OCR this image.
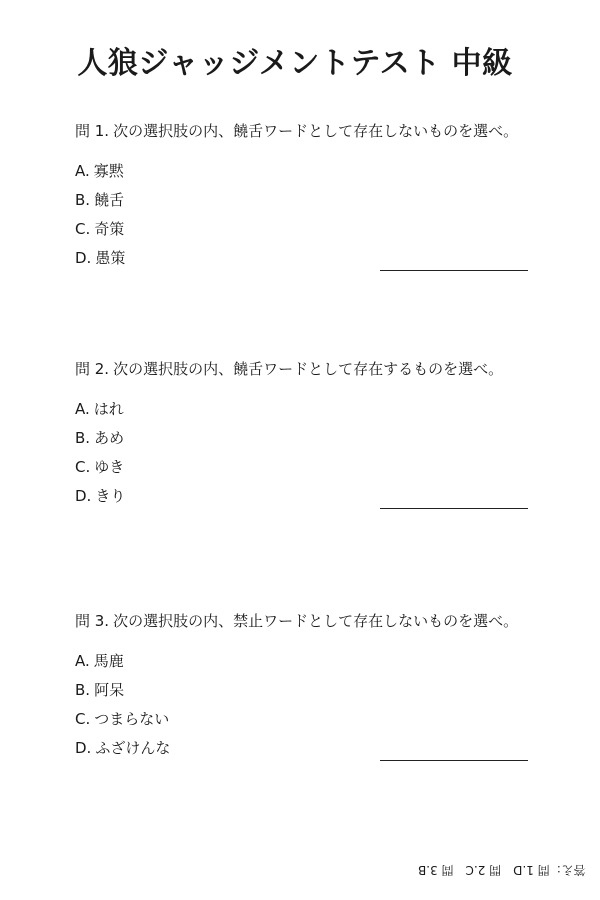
人狼ジャッジメントテスト 中級

問 1. 次の選択肢の内、饒舌ワードとして存在しないものを選べ。

A. 寡黙
B. 饒舌
C. 奇策
D. 愚策

問 2. 次の選択肢の内、饒舌ワードとして存在するものを選べ。

A. はれ
B. あめ
C. ゆき
D. きり

問 3. 次の選択肢の内、禁止ワードとして存在しないものを選べ。

A. 馬鹿
B. 阿呆
C. つまらない
D. ふざけんな
答え：問 1.D　問 2.C　問 3.B
